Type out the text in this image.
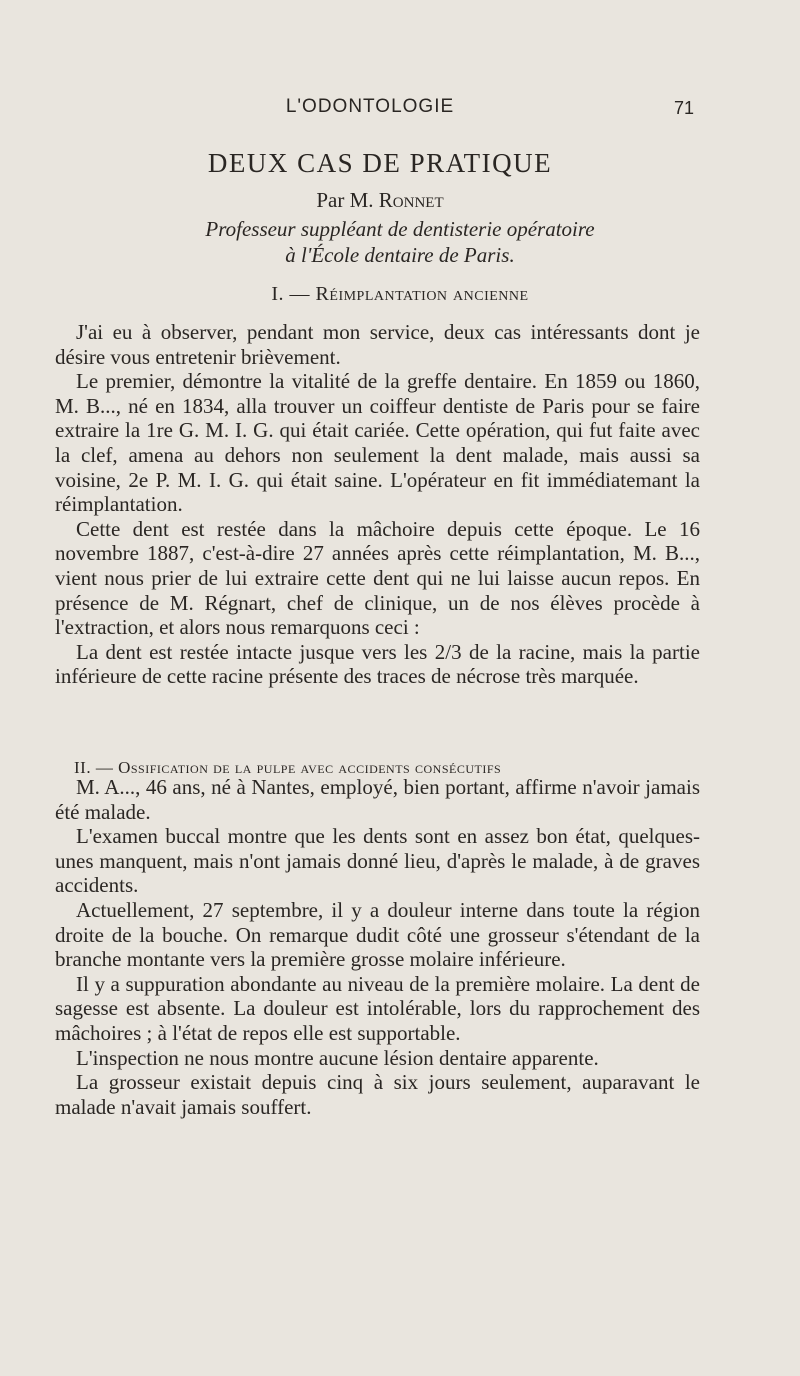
L'ODONTOLOGIE	71
DEUX CAS DE PRATIQUE
Par M. Ronnet
Professeur suppléant de dentisterie opératoire
à l'École dentaire de Paris.
I. — Réimplantation ancienne

J'ai eu à observer, pendant mon service, deux cas intéressants dont je désire vous entretenir brièvement.

Le premier, démontre la vitalité de la greffe dentaire. En 1859 ou 1860, M. B..., né en 1834, alla trouver un coiffeur dentiste de Paris pour se faire extraire la 1re G. M. I. G. qui était cariée. Cette opération, qui fut faite avec la clef, amena au dehors non seulement la dent malade, mais aussi sa voisine, 2e P. M. I. G. qui était saine. L'opérateur en fit immédiatemant la réimplantation.

Cette dent est restée dans la mâchoire depuis cette époque. Le 16 novembre 1887, c'est-à-dire 27 années après cette réimplantation, M. B..., vient nous prier de lui extraire cette dent qui ne lui laisse aucun repos. En présence de M. Régnart, chef de clinique, un de nos élèves procède à l'extraction, et alors nous remarquons ceci :

La dent est restée intacte jusque vers les 2/3 de la racine, mais la partie inférieure de cette racine présente des traces de nécrose très marquée.

II. — Ossification de la pulpe avec accidents consécutifs

M. A..., 46 ans, né à Nantes, employé, bien portant, affirme n'avoir jamais été malade.

L'examen buccal montre que les dents sont en assez bon état, quelques-unes manquent, mais n'ont jamais donné lieu, d'après le malade, à de graves accidents.

Actuellement, 27 septembre, il y a douleur interne dans toute la région droite de la bouche. On remarque dudit côté une grosseur s'étendant de la branche montante vers la première grosse molaire inférieure.

Il y a suppuration abondante au niveau de la première molaire. La dent de sagesse est absente. La douleur est intolérable, lors du rapprochement des mâchoires ; à l'état de repos elle est supportable.

L'inspection ne nous montre aucune lésion dentaire apparente.

La grosseur existait depuis cinq à six jours seulement, auparavant le malade n'avait jamais souffert.
